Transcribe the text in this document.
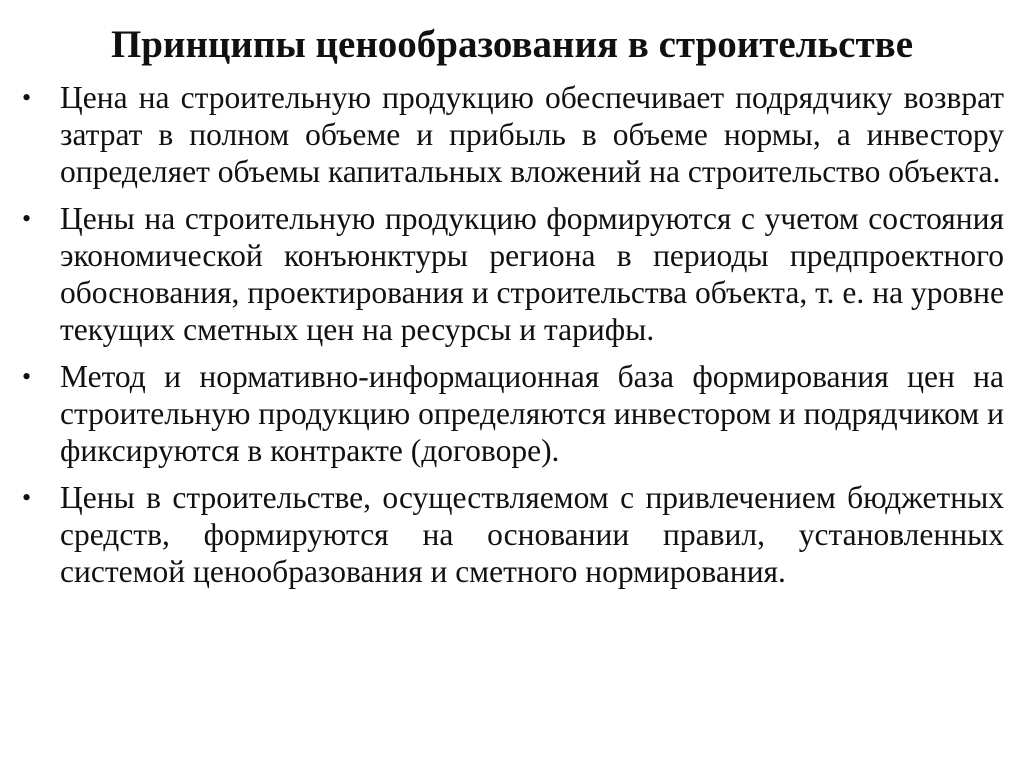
Принципы ценообразования в строительстве
• Цена на строительную продукцию обеспечивает подрядчику возврат затрат в полном объеме и прибыль в объеме нормы, а инвестору определяет объемы капитальных вложений на строительство объекта.
• Цены на строительную продукцию формируются с учетом состояния экономической конъюнктуры региона в периоды предпроектного обоснования, проектирования и строительства объекта, т. е. на уровне текущих сметных цен на ресурсы и тарифы.
• Метод и нормативно-информационная база формирования цен на строительную продукцию определяются инвестором и подрядчиком и фиксируются в контракте (договоре).
• Цены в строительстве, осуществляемом с привлечением бюджетных средств, формируются на основании правил, установленных системой ценообразования и сметного нормирования.
